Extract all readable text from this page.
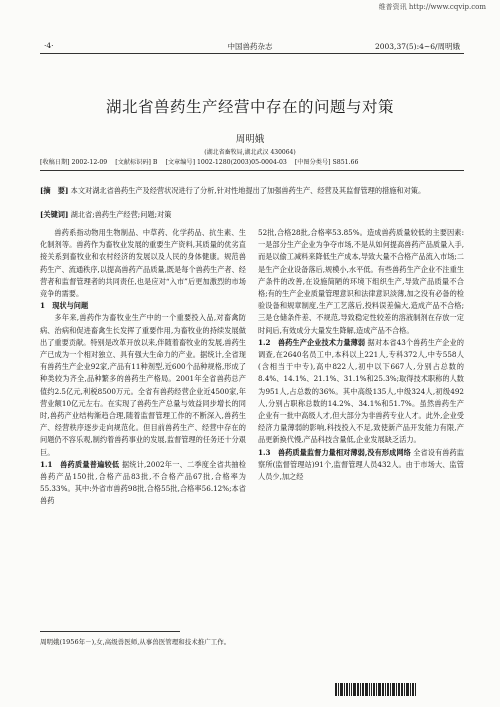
维普资讯 http://www.cqvip.com
·4·	中国兽药杂志	2003,37(5):4~6/周明娥
湖北省兽药生产经营中存在的问题与对策
周明娥
(湖北省畜牧局,湖北武汉 430064)
[收稿日期] 2002-12-09 [文献标识码] B [文章编号] 1002-1280(2003)05-0004-03 [中图分类号] S851.66
[摘　要] 本文对湖北省兽药生产及经营状况进行了分析,针对性地提出了加强兽药生产、经营及其监督管理的措施和对策。
[关键词] 湖北省;兽药生产经营;问题;对策

兽药系指动物用生物制品、中草药、化学药品、抗生素、生化制剂等。兽药作为畜牧业发展的重要生产资料,其质量的优劣直接关系到畜牧业和农村经济的发展以及人民的身体健康。规范兽药生产、流通秩序,以提高兽药产品质量,既是每个兽药生产者、经营者和监督管理者的共同责任,也是应对“入市”后更加激烈的市场竞争的需要。

1　现状与问题

多年来,兽药作为畜牧业生产中的一个重要投入品,对畜禽防病、治病和促进畜禽生长发挥了重要作用,为畜牧业的持续发展做出了重要贡献。特别是改革开放以来,伴随着畜牧业的发展,兽药生产已成为一个相对独立、具有强大生命力的产业。据统计,全省现有兽药生产企业92家,产品有11种剂型,近600个品种规格,形成了种类较为齐全,品种繁多的兽药生产格局。2001年全省兽药总产值约2.5亿元,利税8500万元。全省有兽药经营企业近4500家,年营业额10亿元左右。在实现了兽药生产总量与效益同步增长的同时,兽药产业结构渐趋合理,随着监督管理工作的不断深入,兽药生产、经营秩序逐步走向规范化。但目前兽药生产、经营中存在的问题仍不容乐观,制约着兽药事业的发展,监督管理的任务还十分艰巨。

1.1　兽药质量普遍较低 据统计,2002年一、二季度全省共抽检兽药产品150批,合格产品83批,不合格产品67批,合格率为55.33%。其中:外省市兽药98批,合格55批,合格率56.12%;本省兽药

52批,合格28批,合格率53.85%。造成兽药质量较低的主要因素:一是部分生产企业为争夺市场,不是从如何提高兽药产品质量入手,而是以偷工减料来降低生产成本,导致大量不合格产品流入市场;二是生产企业设备落后,规模小,水平低。有些兽药生产企业不注重生产条件的改善,在设施简陋的环境下组织生产,导致产品质量不合格;有的生产企业质量管理意识和法律意识淡薄,加之没有必备的检验设备和规章制度,生产工艺落后,投料误差偏大,造成产品不合格;三是仓储条件差、不规范,导致稳定性较差的溶液制剂在存放一定时间后,有效成分大量发生降解,造成产品不合格。

1.2　兽药生产企业技术力量薄弱 据对本省43个兽药生产企业的调查,在2640名员工中,本科以上221人,专科372人,中专558人(含相当于中专),高中822人,初中以下667人,分别占总数的8.4%、14.1%、21.1%、31.1%和25.3%;取得技术职称的人数为951人,占总数的36%。其中高级135人,中级324人,初级492人,分别占职称总数的14.2%、34.1%和51.7%。虽然兽药生产企业有一批中高级人才,但大部分为非兽药专业人才。此外,企业受经济力量薄弱的影响,科技投入不足,致使新产品开发能力有限,产品更新换代慢,产品科技含量低,企业发展缺乏活力。

1.3　兽药质量监督力量相对薄弱,没有形成网络 全省设有兽药监察所(监督管理站)91个,监督管理人员432人。由于市场大、监管人员少,加之经

周明娥(1956年－),女,高级兽医师,从事兽医管理和技术推广工作。
